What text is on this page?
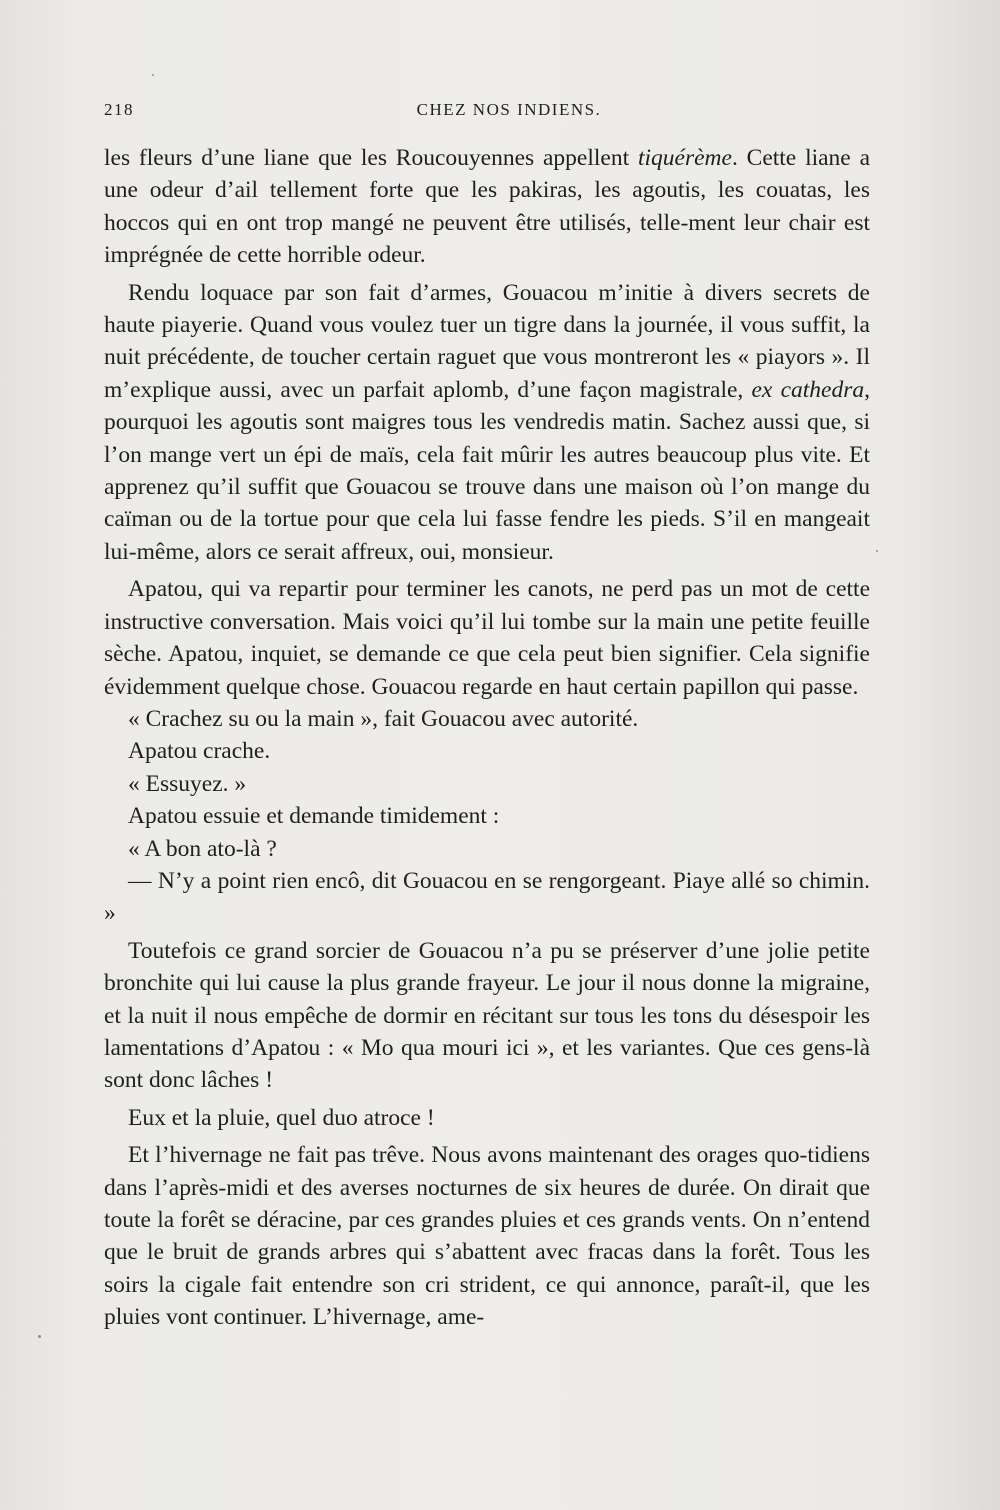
218	CHEZ NOS INDIENS.

les fleurs d’une liane que les Roucouyennes appellent tiquérème. Cette liane a une odeur d’ail tellement forte que les pakiras, les agoutis, les couatas, les hoccos qui en ont trop mangé ne peuvent être utilisés, telle-ment leur chair est imprégnée de cette horrible odeur.

Rendu loquace par son fait d’armes, Gouacou m’initie à divers secrets de haute piayerie. Quand vous voulez tuer un tigre dans la journée, il vous suffit, la nuit précédente, de toucher certain raguet que vous montreront les « piayors ». Il m’explique aussi, avec un parfait aplomb, d’une façon magistrale, ex cathedra, pourquoi les agoutis sont maigres tous les vendredis matin. Sachez aussi que, si l’on mange vert un épi de maïs, cela fait mûrir les autres beaucoup plus vite. Et apprenez qu’il suffit que Gouacou se trouve dans une maison où l’on mange du caïman ou de la tortue pour que cela lui fasse fendre les pieds. S’il en mangeait lui-même, alors ce serait affreux, oui, monsieur.

Apatou, qui va repartir pour terminer les canots, ne perd pas un mot de cette instructive conversation. Mais voici qu’il lui tombe sur la main une petite feuille sèche. Apatou, inquiet, se demande ce que cela peut bien signifier. Cela signifie évidemment quelque chose. Gouacou regarde en haut certain papillon qui passe.

« Crachez su ou la main », fait Gouacou avec autorité.

Apatou crache.

« Essuyez. »

Apatou essuie et demande timidement :

« A bon ato-là ?

— N’y a point rien encô, dit Gouacou en se rengorgeant. Piaye allé so chimin. »

Toutefois ce grand sorcier de Gouacou n’a pu se préserver d’une jolie petite bronchite qui lui cause la plus grande frayeur. Le jour il nous donne la migraine, et la nuit il nous empêche de dormir en récitant sur tous les tons du désespoir les lamentations d’Apatou : « Mo qua mouri ici », et les variantes. Que ces gens-là sont donc lâches !

Eux et la pluie, quel duo atroce !

Et l’hivernage ne fait pas trêve. Nous avons maintenant des orages quo-tidiens dans l’après-midi et des averses nocturnes de six heures de durée. On dirait que toute la forêt se déracine, par ces grandes pluies et ces grands vents. On n’entend que le bruit de grands arbres qui s’abattent avec fracas dans la forêt. Tous les soirs la cigale fait entendre son cri strident, ce qui annonce, paraît-il, que les pluies vont continuer. L’hivernage, ame-
